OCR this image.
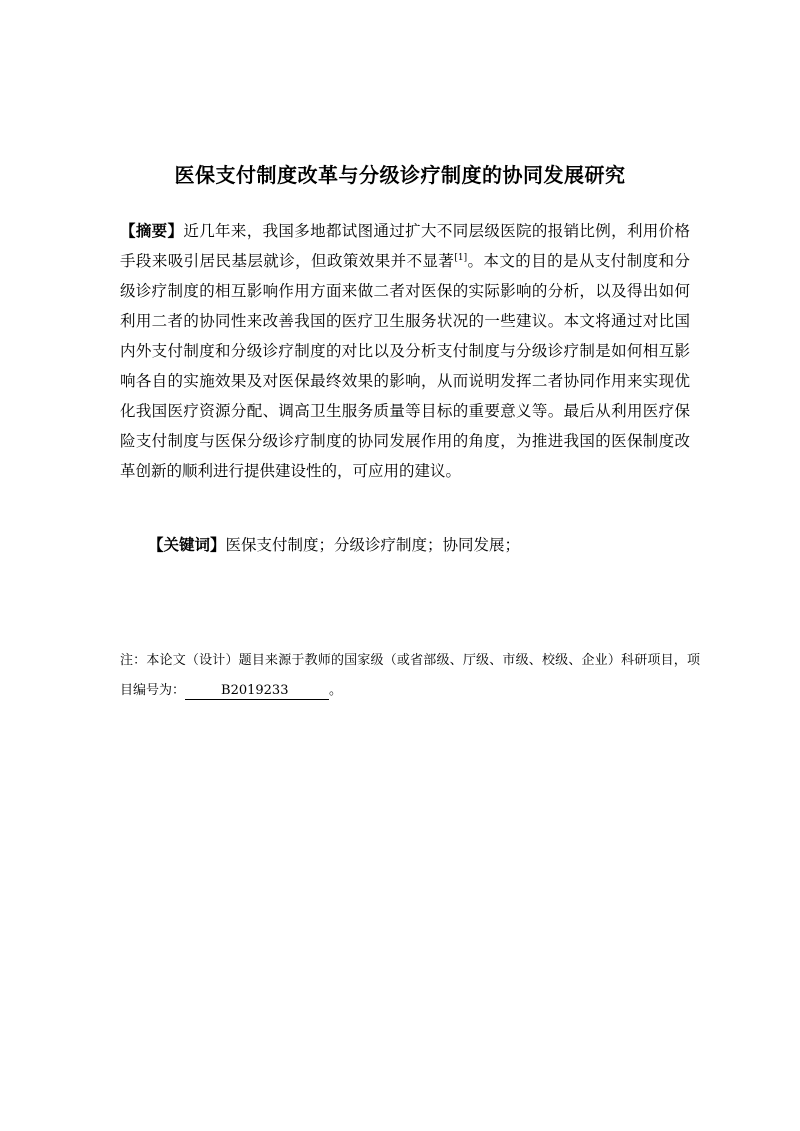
医保支付制度改革与分级诊疗制度的协同发展研究
【摘要】近几年来，我国多地都试图通过扩大不同层级医院的报销比例，利用价格手段来吸引居民基层就诊，但政策效果并不显著[1]。本文的目的是从支付制度和分级诊疗制度的相互影响作用方面来做二者对医保的实际影响的分析，以及得出如何利用二者的协同性来改善我国的医疗卫生服务状况的一些建议。本文将通过对比国内外支付制度和分级诊疗制度的对比以及分析支付制度与分级诊疗制是如何相互影响各自的实施效果及对医保最终效果的影响，从而说明发挥二者协同作用来实现优化我国医疗资源分配、调高卫生服务质量等目标的重要意义等。最后从利用医疗保险支付制度与医保分级诊疗制度的协同发展作用的角度，为推进我国的医保制度改革创新的顺利进行提供建设性的，可应用的建议。
【关键词】医保支付制度；分级诊疗制度；协同发展；
注：本论文（设计）题目来源于教师的国家级（或省部级、厅级、市级、校级、企业）科研项目，项目编号为：	B2019233	。
